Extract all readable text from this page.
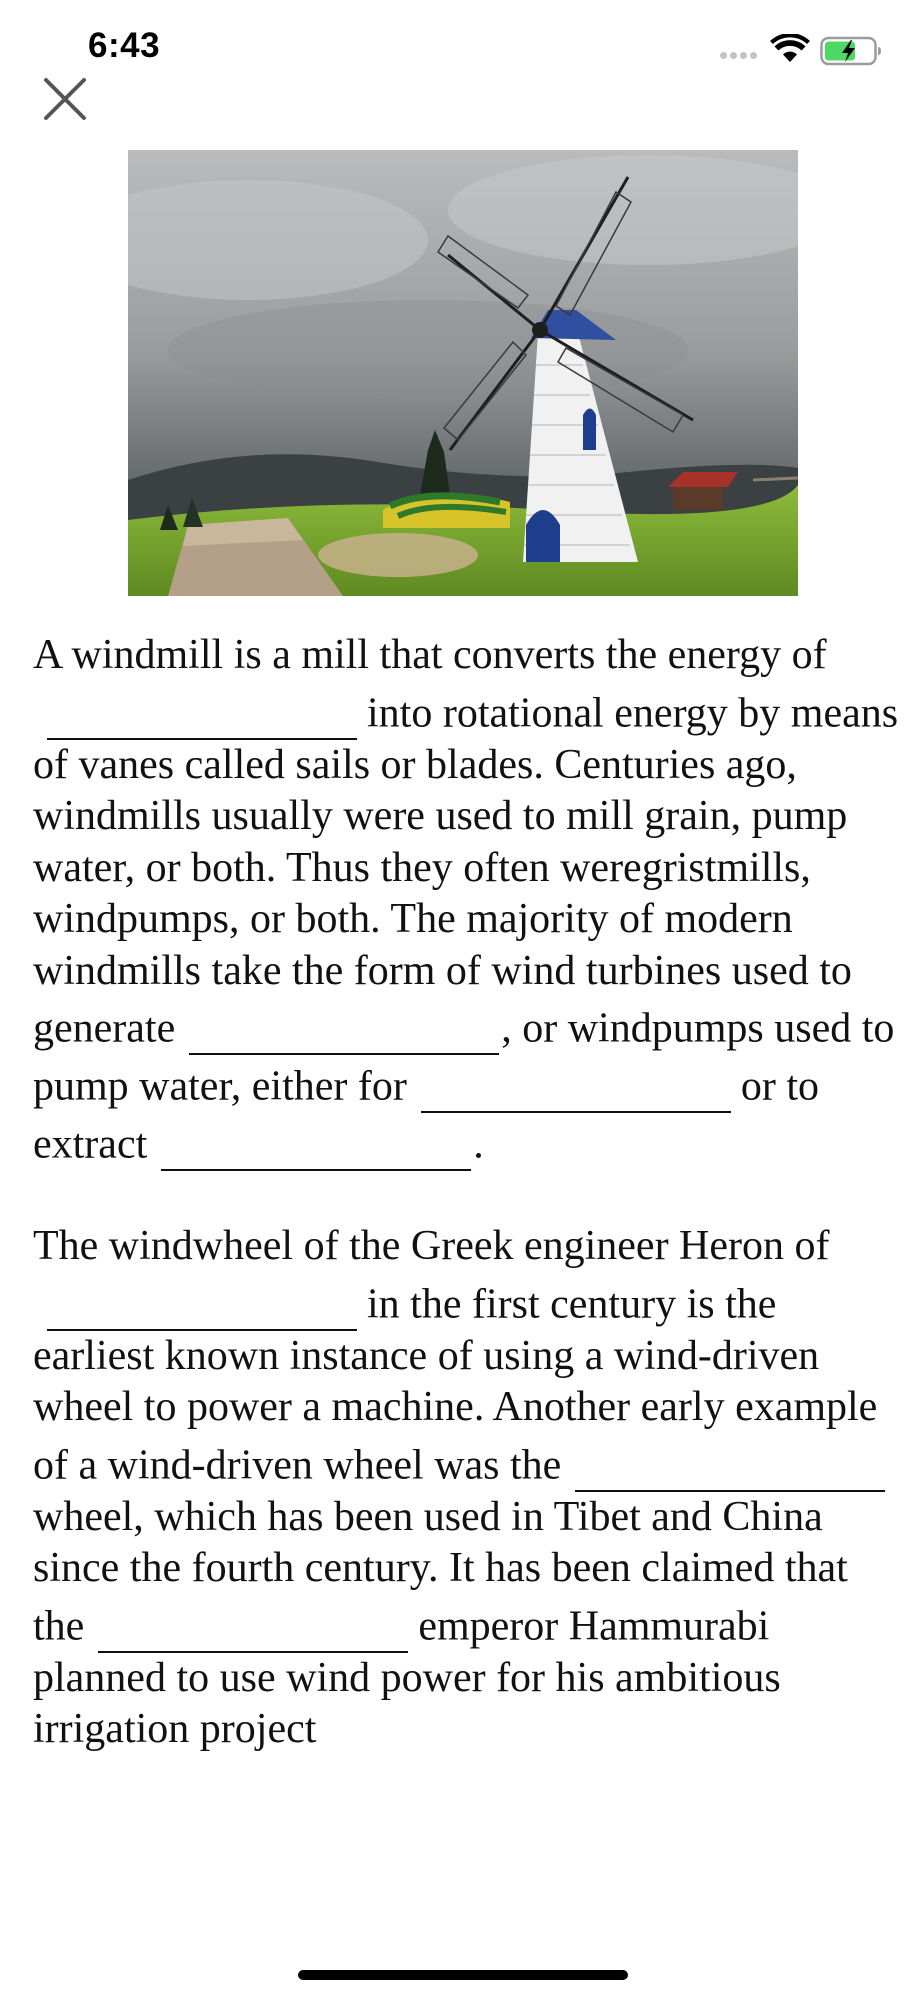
6:43

A windmill is a mill that converts the energy ofinto rotational energy by means of vanes called sails or blades. Centuries ago, windmills usually were used to mill grain, pump water, or both. Thus they often weregristmills, windpumps, or both. The majority of modern windmills take the form of wind turbines used to generate	, or windpumps used to pump water, either for	or to extract	.

The windwheel of the Greek engineer Heron ofin the first century is the earliest known instance of using a wind-driven wheel to power a machine. Another early example of a wind-driven wheel was thewheel, which has been used in Tibet and China since the fourth century. It has been claimed that the	emperor Hammurabi planned to use wind power for his ambitious irrigation project
